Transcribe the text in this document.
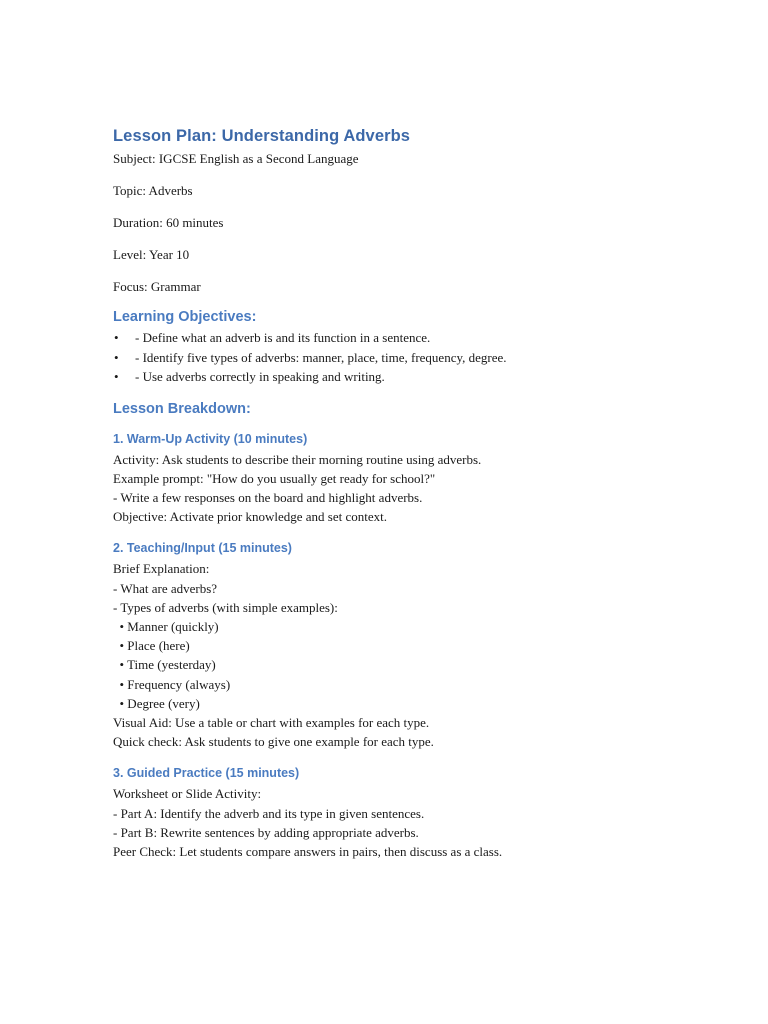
Lesson Plan: Understanding Adverbs

Subject: IGCSE English as a Second Language

Topic: Adverbs

Duration: 60 minutes

Level: Year 10

Focus: Grammar

Learning Objectives:
• - Define what an adverb is and its function in a sentence.
• - Identify five types of adverbs: manner, place, time, frequency, degree.
• - Use adverbs correctly in speaking and writing.
Lesson Breakdown:
1. Warm-Up Activity (10 minutes)

Activity: Ask students to describe their morning routine using adverbs.

Example prompt: "How do you usually get ready for school?"

- Write a few responses on the board and highlight adverbs.

Objective: Activate prior knowledge and set context.

2. Teaching/Input (15 minutes)

Brief Explanation:

- What are adverbs?

- Types of adverbs (with simple examples):

• Manner (quickly)

• Place (here)

• Time (yesterday)

• Frequency (always)

• Degree (very)

Visual Aid: Use a table or chart with examples for each type.

Quick check: Ask students to give one example for each type.

3. Guided Practice (15 minutes)

Worksheet or Slide Activity:

- Part A: Identify the adverb and its type in given sentences.

- Part B: Rewrite sentences by adding appropriate adverbs.

Peer Check: Let students compare answers in pairs, then discuss as a class.
